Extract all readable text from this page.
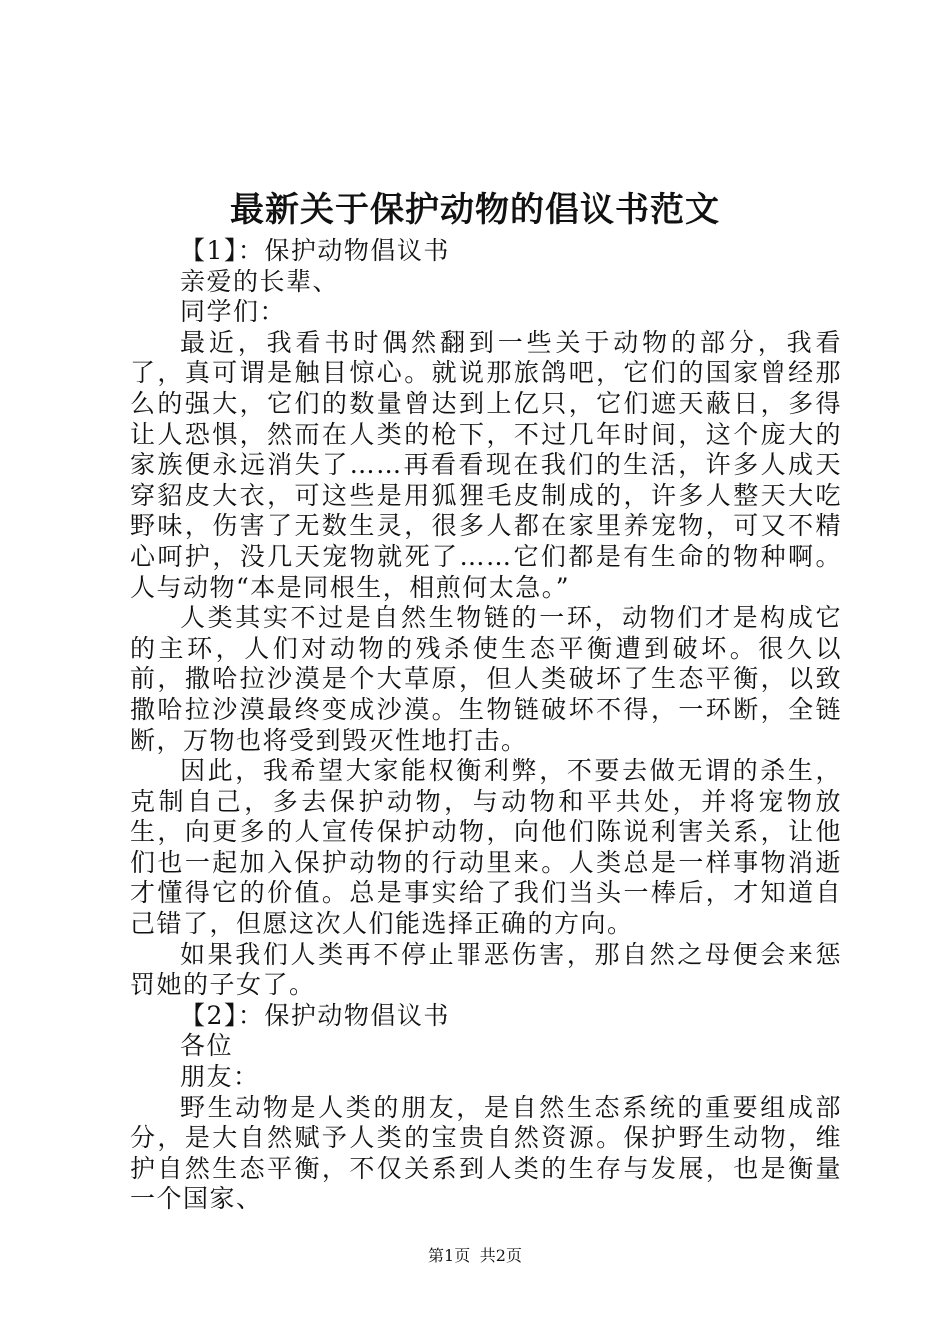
最新关于保护动物的倡议书范文

【1】：保护动物倡议书

亲爱的长辈、

同学们：

最近，我看书时偶然翻到一些关于动物的部分，我看了，真可谓是触目惊心。就说那旅鸽吧，它们的国家曾经那么的强大，它们的数量曾达到上亿只，它们遮天蔽日，多得让人恐惧，然而在人类的枪下，不过几年时间，这个庞大的家族便永远消失了……再看看现在我们的生活，许多人成天穿貂皮大衣，可这些是用狐狸毛皮制成的，许多人整天大吃野味，伤害了无数生灵，很多人都在家里养宠物，可又不精心呵护，没几天宠物就死了……它们都是有生命的物种啊。人与动物“本是同根生，相煎何太急。”

人类其实不过是自然生物链的一环，动物们才是构成它的主环，人们对动物的残杀使生态平衡遭到破坏。很久以前，撒哈拉沙漠是个大草原，但人类破坏了生态平衡，以致撒哈拉沙漠最终变成沙漠。生物链破坏不得，一环断，全链断，万物也将受到毁灭性地打击。

因此，我希望大家能权衡利弊，不要去做无谓的杀生，克制自己，多去保护动物，与动物和平共处，并将宠物放生，向更多的人宣传保护动物，向他们陈说利害关系，让他们也一起加入保护动物的行动里来。人类总是一样事物消逝才懂得它的价值。总是事实给了我们当头一棒后，才知道自己错了，但愿这次人们能选择正确的方向。

如果我们人类再不停止罪恶伤害，那自然之母便会来惩罚她的子女了。

【2】：保护动物倡议书

各位

朋友：

野生动物是人类的朋友，是自然生态系统的重要组成部分，是大自然赋予人类的宝贵自然资源。保护野生动物，维护自然生态平衡，不仅关系到人类的生存与发展，也是衡量一个国家、

第1页 共2页
